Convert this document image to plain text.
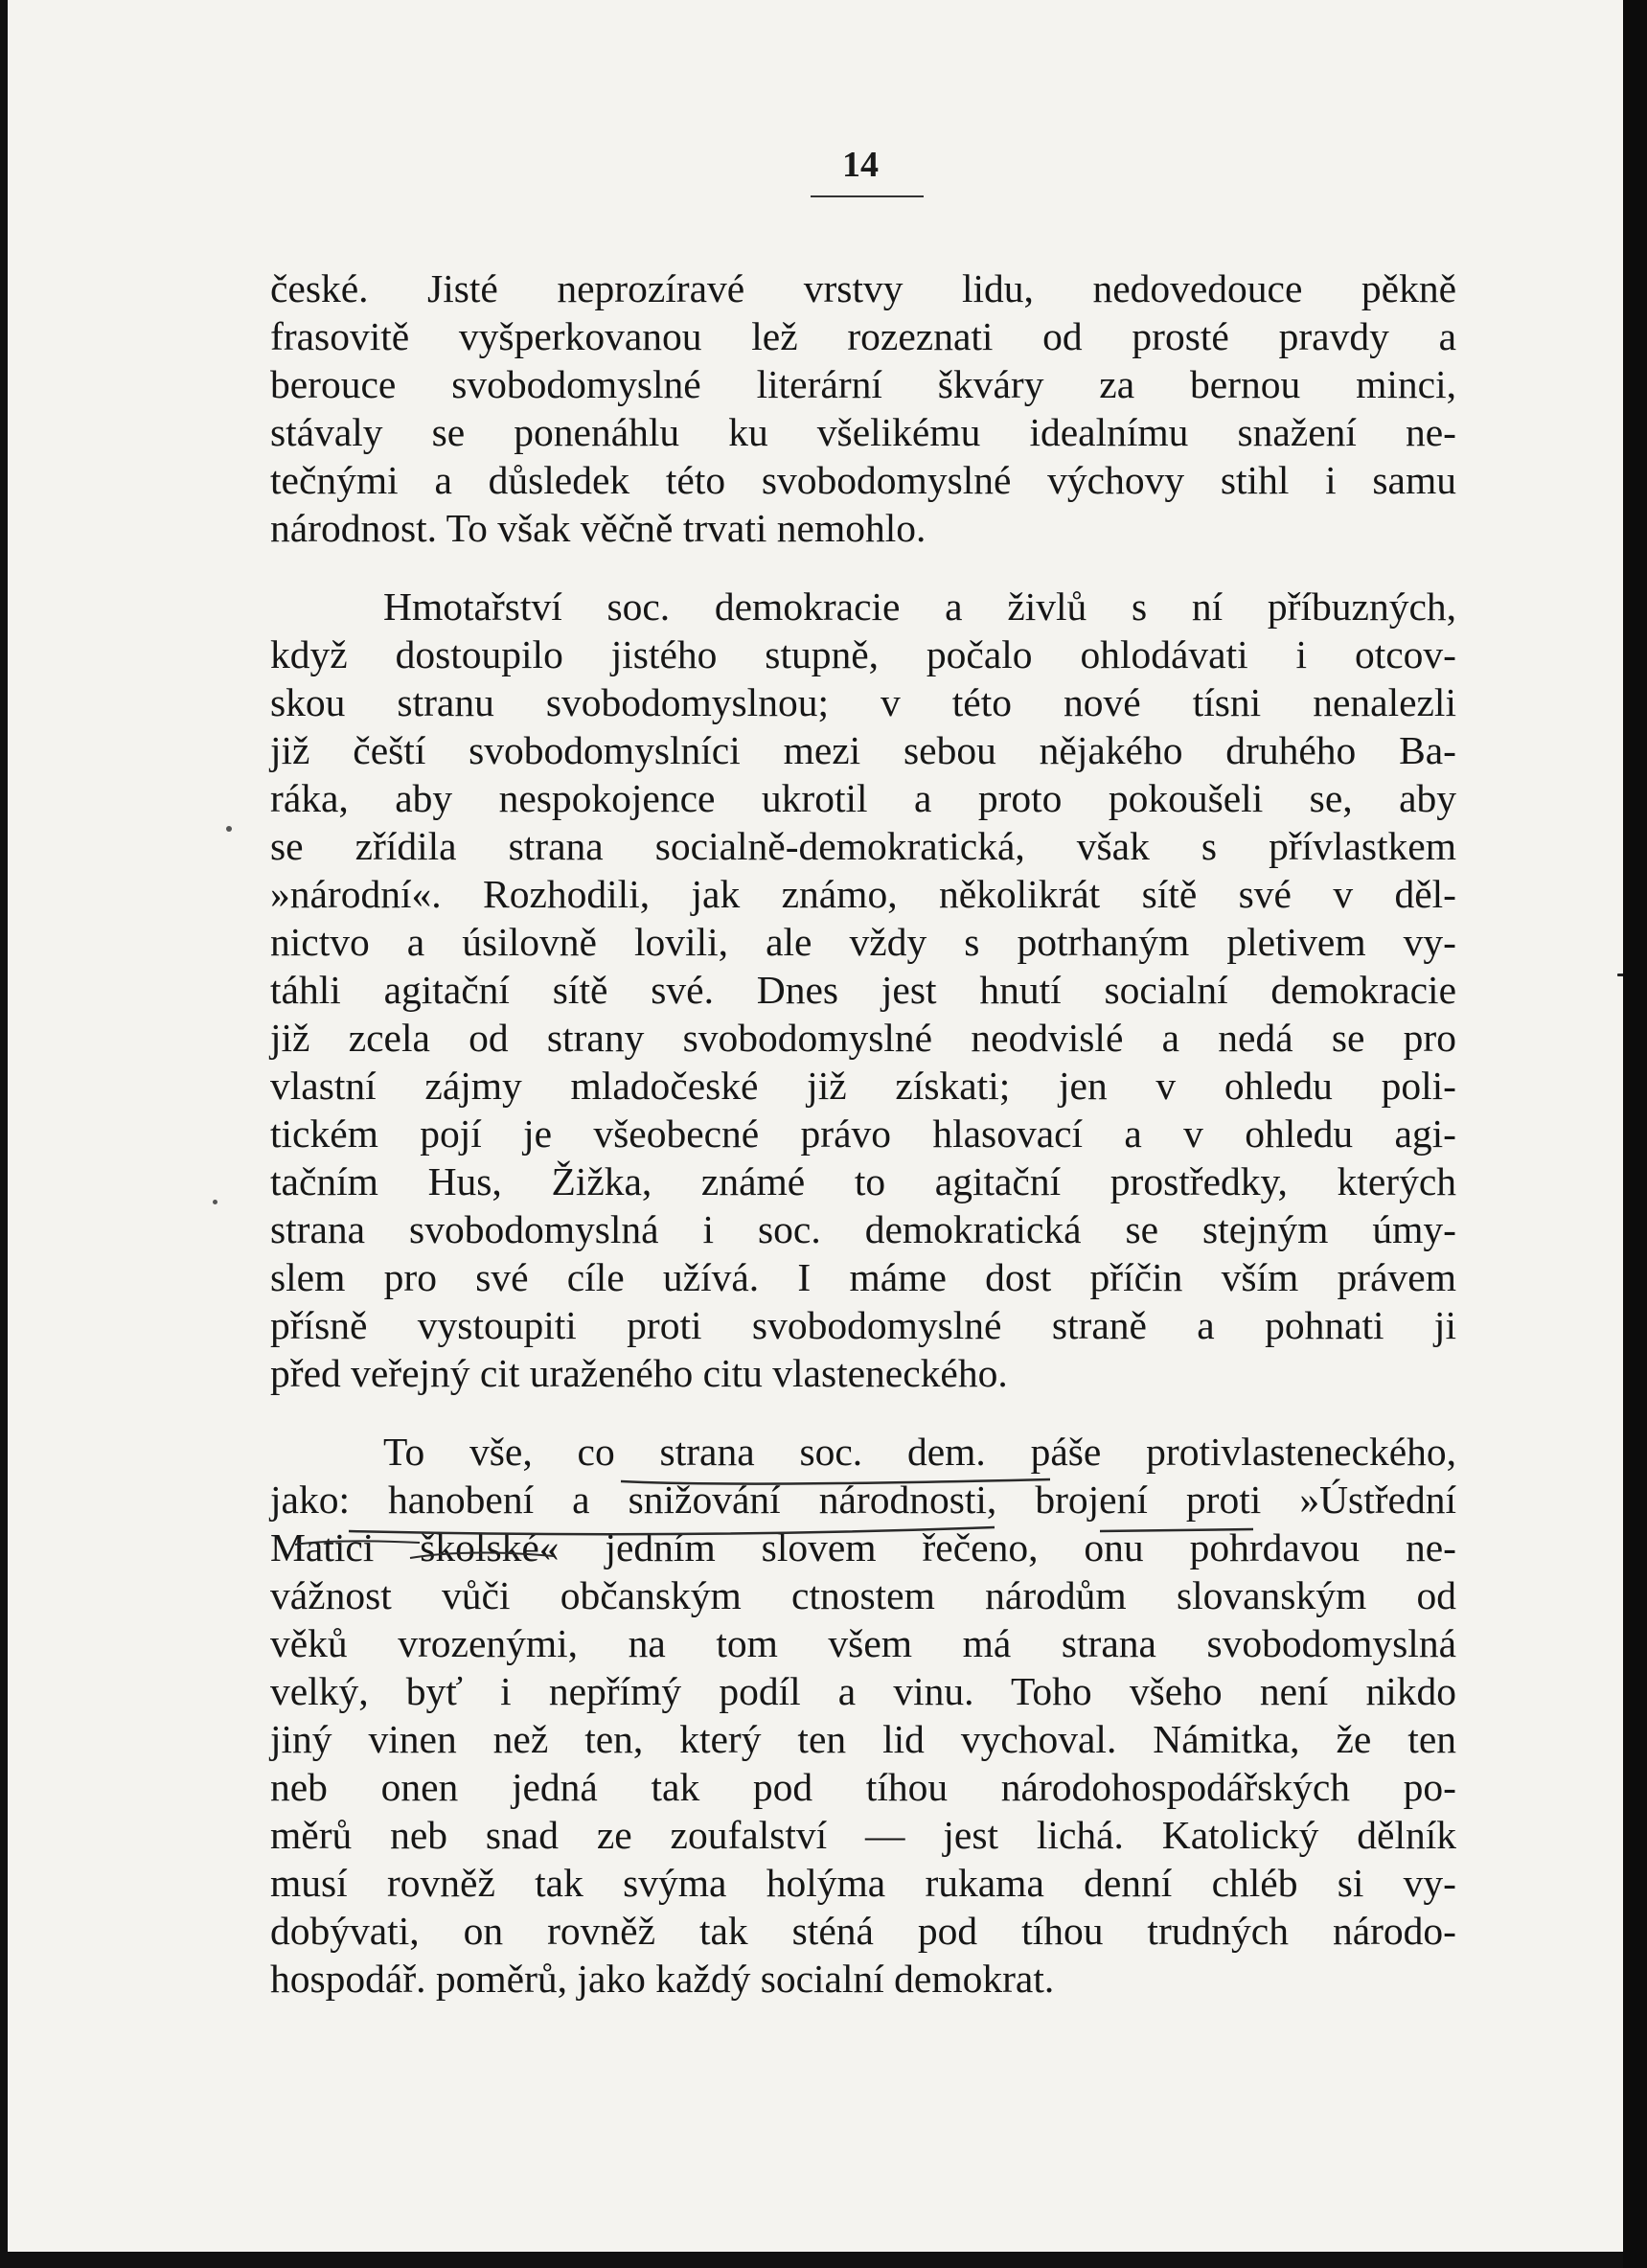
14
české. Jisté neprozíravé vrstvy lidu, nedovedouce pěkně
frasovitě vyšperkovanou lež rozeznati od prosté pravdy a
berouce svobodomyslné literární škváry za bernou minci,
stávaly se ponenáhlu ku všelikému idealnímu snažení ne-
tečnými a důsledek této svobodomyslné výchovy stihl i samu
národnost. To však věčně trvati nemohlo.
Hmotařství soc. demokracie a živlů s ní příbuzných,
když dostoupilo jistého stupně, počalo ohlodávati i otcov-
skou stranu svobodomyslnou; v této nové tísni nenalezli
již čeští svobodomyslníci mezi sebou nějakého druhého Ba-
ráka, aby nespokojence ukrotil a proto pokoušeli se, aby
se zřídila strana socialně-demokratická, však s přívlastkem
»národní«. Rozhodili, jak známo, několikrát sítě své v děl-
nictvo a úsilovně lovili, ale vždy s potrhaným pletivem vy-
táhli agitační sítě své. Dnes jest hnutí socialní demokracie
již zcela od strany svobodomyslné neodvislé a nedá se pro
vlastní zájmy mladočeské již získati; jen v ohledu poli-
tickém pojí je všeobecné právo hlasovací a v ohledu agi-
tačním Hus, Žižka, známé to agitační prostředky, kterých
strana svobodomyslná i soc. demokratická se stejným úmy-
slem pro své cíle užívá. I máme dost příčin vším právem
přísně vystoupiti proti svobodomyslné straně a pohnati ji
před veřejný cit uraženého citu vlasteneckého.
To vše, co strana soc. dem. páše protivlasteneckého,
jako: hanobení a snižování národnosti, brojení proti »Ústřední
Matici školské« jedním slovem řečeno, onu pohrdavou ne-
vážnost vůči občanským ctnostem národům slovanským od
věků vrozenými, na tom všem má strana svobodomyslná
velký, byť i nepřímý podíl a vinu. Toho všeho není nikdo
jiný vinen než ten, který ten lid vychoval. Námitka, že ten
neb onen jedná tak pod tíhou národohospodářských po-
měrů neb snad ze zoufalství — jest lichá. Katolický dělník
musí rovněž tak svýma holýma rukama denní chléb si vy-
dobývati, on rovněž tak sténá pod tíhou trudných národo-
hospodář. poměrů, jako každý socialní demokrat.
